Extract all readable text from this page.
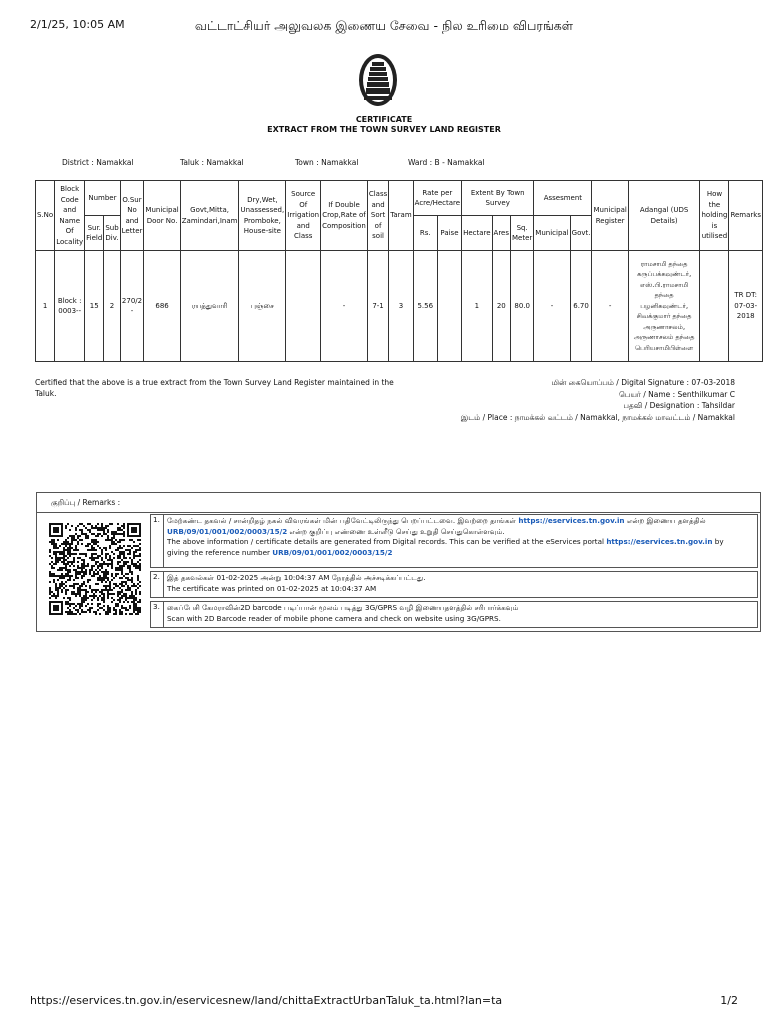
2/1/25, 10:05 AM	வட்டாட்சியர் அலுவலக இணைய சேவை - நில உரிமை விபரங்கள்
CERTIFICATE
EXTRACT FROM THE TOWN SURVEY LAND REGISTER
District : Namakkal	Taluk : Namakkal	Town : Namakkal	Ward : B - Namakkal
S.No	Block Code and Name Of Locality	Number		O.Sur No and Letter	Municipal Door No.	Govt,Mitta, Zamindari,Inam	Dry,Wet, Unassessed, Promboke, House-site	Source Of Irrigation and Class	If Double Crop,Rate of Composition	Class and Sort of soil	Taram	Rate per Acre/Hectare		Extent By Town Survey			Assesment		Municipal Register	Adangal (UDS Details)	How the holding is utilised	Remarks
		Sur. Field	Sub Div.									Rs.	Paise	Hectare	Ares	Sq. Meter	Municipal	Govt.				
1	Block : 0003--	15	2	270/2 -	686	ரயத்துவாரி	புஞ்சை		-	7-1	3	5.56		1	20	80.0	-	6.70	-	ராமசாமி தந்தை கருப்பக்கவுண்டர், எஸ்.பி.ராமசாமி தந்தை பழனிகவுண்டர், சிவக்குமார் தந்தை அருணாசலம், அருணாசலம் தந்தை பெரியசாமிபிள்ளை		TR DT: 07-03-2018
Certified that the above is a true extract from the Town Survey Land Register maintained in the Taluk.
மின் கையொப்பம் / Digital Signature : 07-03-2018
பெயர் / Name : Senthilkumar C
பதவி / Designation : Tahsildar
இடம் / Place : நாமக்கல் வட்டம் / Namakkal, நாமக்கல் மாவட்டம் / Namakkal
குறிப்பு / Remarks :
1. மேற்கண்ட தகவல் / சான்றிதழ் நகல் விவரங்கள் மின் பதிவேட்டிலிருந்து பெறப்பட்டவை. இவற்றை தாங்கள் https://eservices.tn.gov.in என்ற இணைய தளத்தில் URB/09/01/001/002/0003/15/2 என்ற குறிப்பு எண்ணை உள்ளீடு செய்து உறுதி செய்துகொள்ளவும்.
The above information / certificate details are generated from Digital records. This can be verified at the eServices portal https://eservices.tn.gov.in by giving the reference number URB/09/01/001/002/0003/15/2
2. இத் தகவல்கள் 01-02-2025 அன்று 10:04:37 AM நேரத்தில் அச்சடிக்கப்பட்டது.
The certificate was printed on 01-02-2025 at 10:04:37 AM
3. கைப்பேசி கேமராவின்2D barcode படிப்பான் மூலம் படித்து 3G/GPRS வழி இணையதளத்தில் சரிபார்க்கவும்
Scan with 2D Barcode reader of mobile phone camera and check on website using 3G/GPRS.
https://eservices.tn.gov.in/eservicesnew/land/chittaExtractUrbanTaluk_ta.html?lan=ta	1/2
